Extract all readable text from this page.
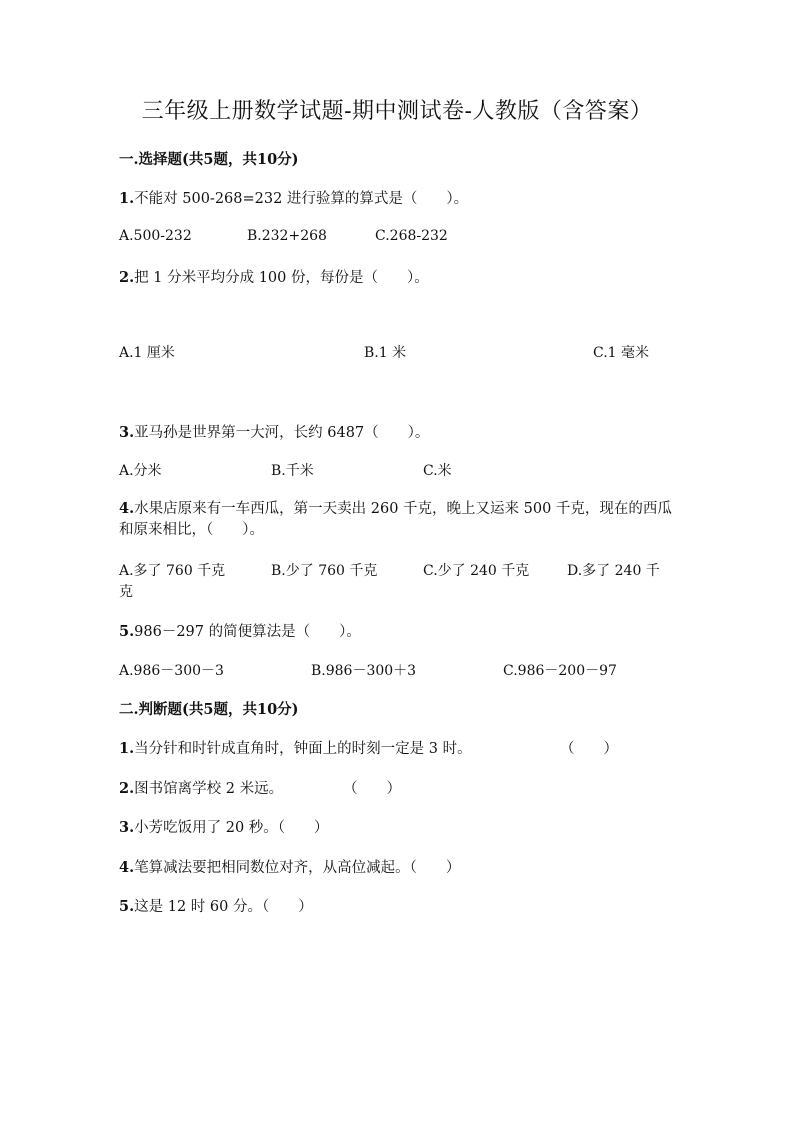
三年级上册数学试题-期中测试卷-人教版（含答案）
一.选择题(共5题，共10分)
1.不能对 500-268=232 进行验算的算式是（　　）。
A.500-232	B.232+268	C.268-232
2.把 1 分米平均分成 100 份，每份是（　　）。
A.1 厘米	B.1 米	C.1 毫米
3.亚马孙是世界第一大河，长约 6487（　　）。
A.分米	B.千米	C.米
4.水果店原来有一车西瓜，第一天卖出 260 千克，晚上又运来 500 千克，现在的西瓜和原来相比，（　　）。
A.多了 760 千克	B.少了 760 千克	C.少了 240 千克	D.多了 240 千
克
5.986－297 的简便算法是（　　）。
A.986－300－3	B.986－300＋3	C.986－200－97
二.判断题(共5题，共10分)
1.当分针和时针成直角时，钟面上的时刻一定是 3 时。	（　　）
2.图书馆离学校 2 米远。	（　　）
3.小芳吃饭用了 20 秒。（　　）
4.笔算减法要把相同数位对齐，从高位减起。（　　）
5.这是 12 时 60 分。（　　）
